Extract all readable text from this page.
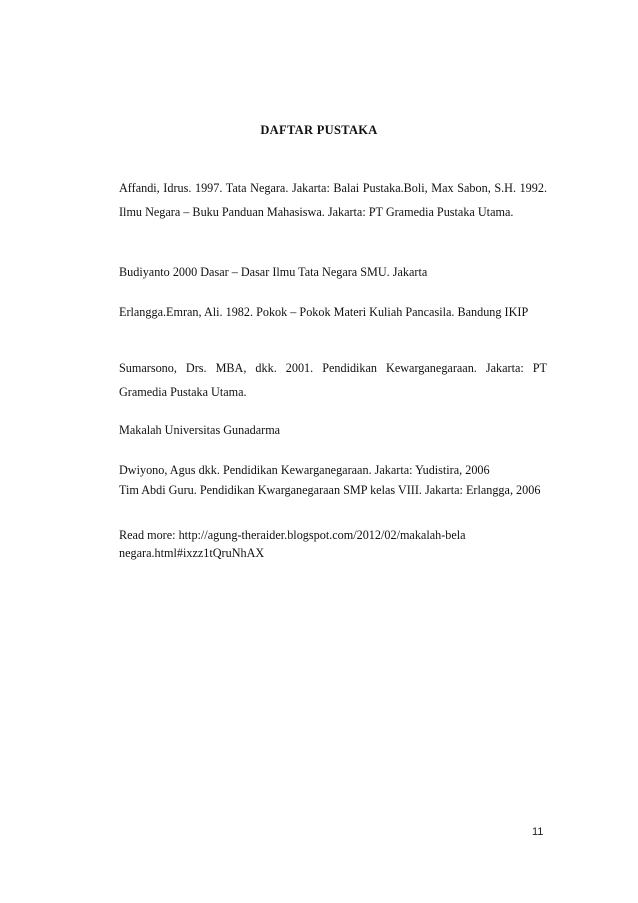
DAFTAR PUSTAKA
Affandi, Idrus. 1997. Tata Negara. Jakarta: Balai Pustaka.Boli, Max Sabon, S.H. 1992. Ilmu Negara – Buku Panduan Mahasiswa. Jakarta: PT Gramedia Pustaka Utama.
Budiyanto 2000 Dasar – Dasar Ilmu Tata Negara SMU. Jakarta
Erlangga.Emran, Ali. 1982. Pokok – Pokok Materi Kuliah Pancasila. Bandung IKIP
Sumarsono, Drs. MBA, dkk. 2001. Pendidikan Kewarganegaraan. Jakarta: PT Gramedia Pustaka Utama.
Makalah Universitas Gunadarma
Dwiyono, Agus dkk. Pendidikan Kewarganegaraan. Jakarta: Yudistira, 2006
Tim Abdi Guru. Pendidikan Kwarganegaraan SMP kelas VIII. Jakarta: Erlangga, 2006
Read more: http://agung-theraider.blogspot.com/2012/02/makalah-bela
negara.html#ixzz1tQruNhAX
11
